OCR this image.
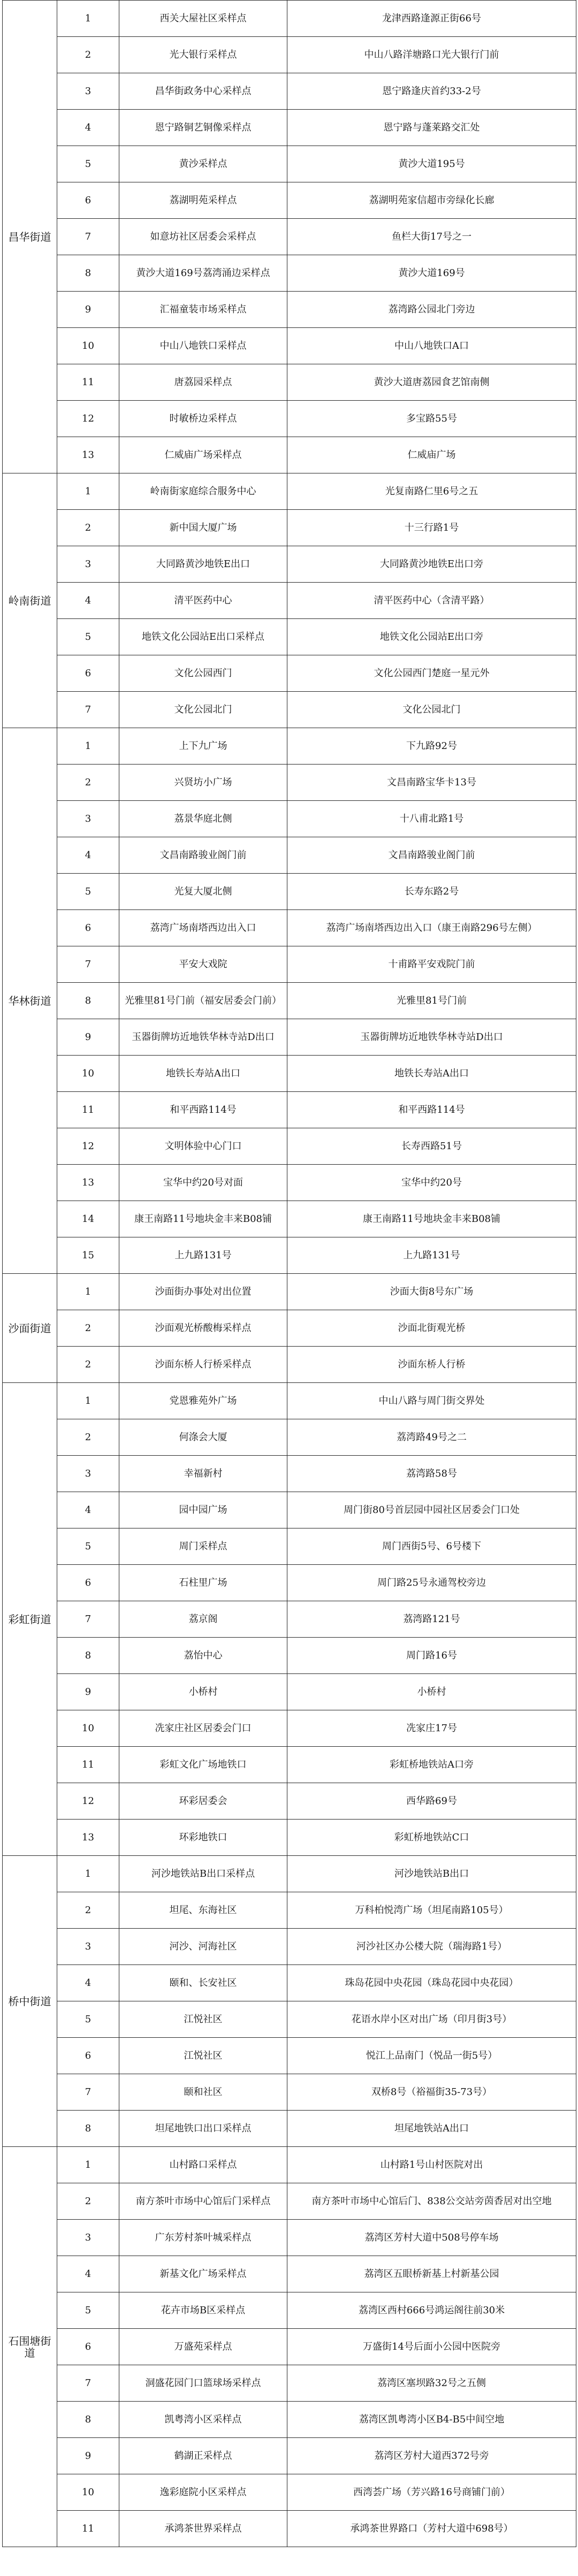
昌华街道	1	西关大屋社区采样点	龙津西路逢源正街66号
	2	光大银行采样点	中山八路洋塘路口光大银行门前
	3	昌华街政务中心采样点	恩宁路逢庆首约33-2号
	4	恩宁路铜艺铜像采样点	恩宁路与蓬莱路交汇处
	5	黄沙采样点	黄沙大道195号
	6	荔湖明苑采样点	荔湖明苑家信超市旁绿化长廊
	7	如意坊社区居委会采样点	鱼栏大街17号之一
	8	黄沙大道169号荔湾涌边采样点	黄沙大道169号
	9	汇福童装市场采样点	荔湾路公园北门旁边
	10	中山八地铁口采样点	中山八地铁口A口
	11	唐荔园采样点	黄沙大道唐荔园食艺馆南侧
	12	时敏桥边采样点	多宝路55号
	13	仁威庙广场采样点	仁威庙广场
岭南街道	1	岭南街家庭综合服务中心	光复南路仁里6号之五
	2	新中国大厦广场	十三行路1号
	3	大同路黄沙地铁E出口	大同路黄沙地铁E出口旁
	4	清平医药中心	清平医药中心（含清平路）
	5	地铁文化公园站E出口采样点	地铁文化公园站E出口旁
	6	文化公园西门	文化公园西门楚庭一星元外
	7	文化公园北门	文化公园北门
华林街道	1	上下九广场	下九路92号
	2	兴贤坊小广场	文昌南路宝华卡13号
	3	荔景华庭北侧	十八甫北路1号
	4	文昌南路骏业阁门前	文昌南路骏业阁门前
	5	光复大厦北侧	长寿东路2号
	6	荔湾广场南塔西边出入口	荔湾广场南塔西边出入口（康王南路296号左侧）
	7	平安大戏院	十甫路平安戏院门前
	8	光雅里81号门前（福安居委会门前）	光雅里81号门前
	9	玉器街牌坊近地铁华林寺站D出口	玉器街牌坊近地铁华林寺站D出口
	10	地铁长寿站A出口	地铁长寿站A出口
	11	和平西路114号	和平西路114号
	12	文明体验中心门口	长寿西路51号
	13	宝华中约20号对面	宝华中约20号
	14	康王南路11号地块金丰来B08铺	康王南路11号地块金丰来B08铺
	15	上九路131号	上九路131号
沙面街道	1	沙面街办事处对出位置	沙面大街8号东广场
	2	沙面观光桥酸梅采样点	沙面北街观光桥
	2	沙面东桥人行桥采样点	沙面东桥人行桥
彩虹街道	1	党恩雅苑外广场	中山八路与周门街交界处
	2	何涤会大厦	荔湾路49号之二
	3	幸福新村	荔湾路58号
	4	园中园广场	周门街80号首层园中园社区居委会门口处
	5	周门采样点	周门西街5号、6号楼下
	6	石柱里广场	周门路25号永通驾校旁边
	7	荔京阁	荔湾路121号
	8	荔怡中心	周门路16号
	9	小桥村	小桥村
	10	冼家庄社区居委会门口	冼家庄17号
	11	彩虹文化广场地铁口	彩虹桥地铁站A口旁
	12	环彩居委会	西华路69号
	13	环彩地铁口	彩虹桥地铁站C口
桥中街道	1	河沙地铁站B出口采样点	河沙地铁站B出口
	2	坦尾、东海社区	万科柏悦湾广场（坦尾南路105号）
	3	河沙、河海社区	河沙社区办公楼大院（瑞海路1号）
	4	颐和、长安社区	珠岛花园中央花园（珠岛花园中央花园）
	5	江悦社区	花语水岸小区对出广场（印月街3号）
	6	江悦社区	悦江上品南门（悦品一街5号）
	7	颐和社区	双桥8号（裕福街35-73号）
	8	坦尾地铁口出口采样点	坦尾地铁站A出口
石围塘街道	1	山村路口采样点	山村路1号山村医院对出
	2	南方茶叶市场中心馆后门采样点	南方茶叶市场中心馆后门、838公交站旁茵香居对出空地
	3	广东芳村茶叶城采样点	荔湾区芳村大道中508号停车场
	4	新基文化广场采样点	荔湾区五眼桥新基上村新基公园
	5	花卉市场B区采样点	荔湾区西村666号鸿运阁往前30米
	6	万盛苑采样点	万盛街14号后面小公园中医院旁
	7	洞盛花园门口篮球场采样点	荔湾区塞坝路32号之五侧
	8	凯粤湾小区采样点	荔湾区凯粤湾小区B4-B5中间空地
	9	鹤湖正采样点	荔湾区芳村大道西372号旁
	10	逸彩庭院小区采样点	西湾荟广场（芳兴路16号商铺门前）
	11	承鸿茶世界采样点	承鸿茶世界路口（芳村大道中698号）
